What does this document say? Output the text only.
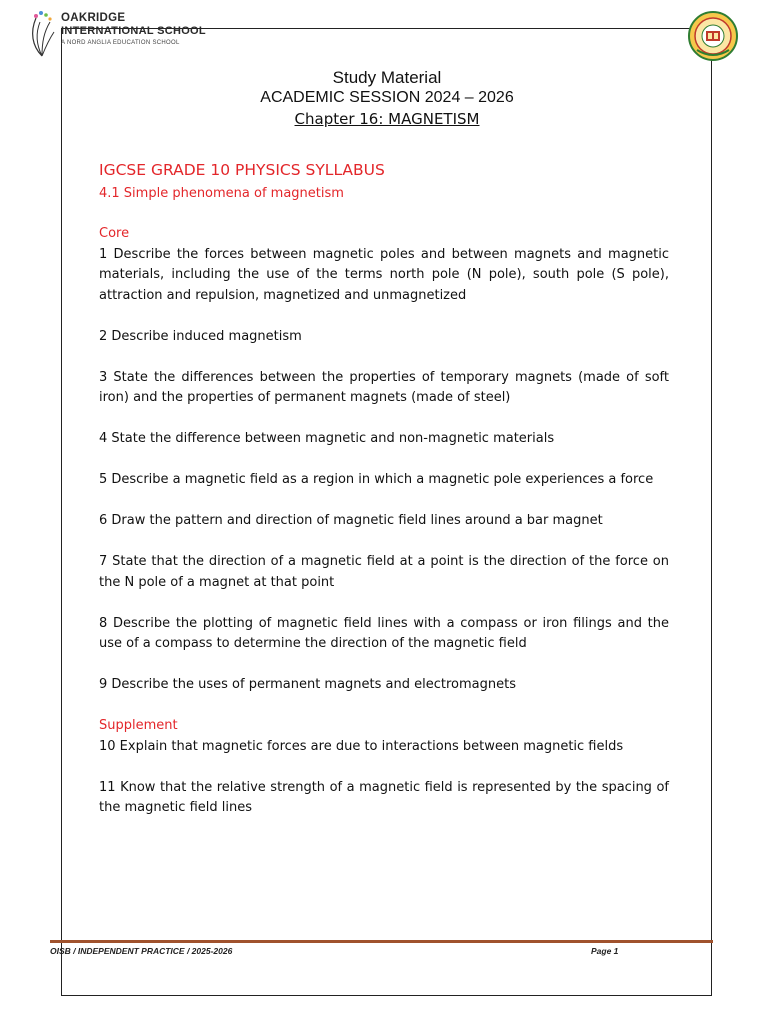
OAKRIDGE
INTERNATIONAL SCHOOL
A NORD ANGLIA EDUCATION SCHOOL
Study Material
ACADEMIC SESSION 2024 – 2026
Chapter 16: MAGNETISM
IGCSE GRADE 10 PHYSICS SYLLABUS
4.1 Simple phenomena of magnetism
Core

1 Describe the forces between magnetic poles and between magnets and magnetic materials, including the use of the terms north pole (N pole), south pole (S pole), attraction and repulsion, magnetized and unmagnetized

2 Describe induced magnetism

3 State the differences between the properties of temporary magnets (made of soft iron) and the properties of permanent magnets (made of steel)

4 State the difference between magnetic and non-magnetic materials

5 Describe a magnetic field as a region in which a magnetic pole experiences a force

6 Draw the pattern and direction of magnetic field lines around a bar magnet

7 State that the direction of a magnetic field at a point is the direction of the force on the N pole of a magnet at that point

8 Describe the plotting of magnetic field lines with a compass or iron filings and the use of a compass to determine the direction of the magnetic field

9 Describe the uses of permanent magnets and electromagnets

Supplement

10 Explain that magnetic forces are due to interactions between magnetic fields

11 Know that the relative strength of a magnetic field is represented by the spacing of the magnetic field lines

OISB / INDEPENDENT PRACTICE / 2025-2026	Page 1
